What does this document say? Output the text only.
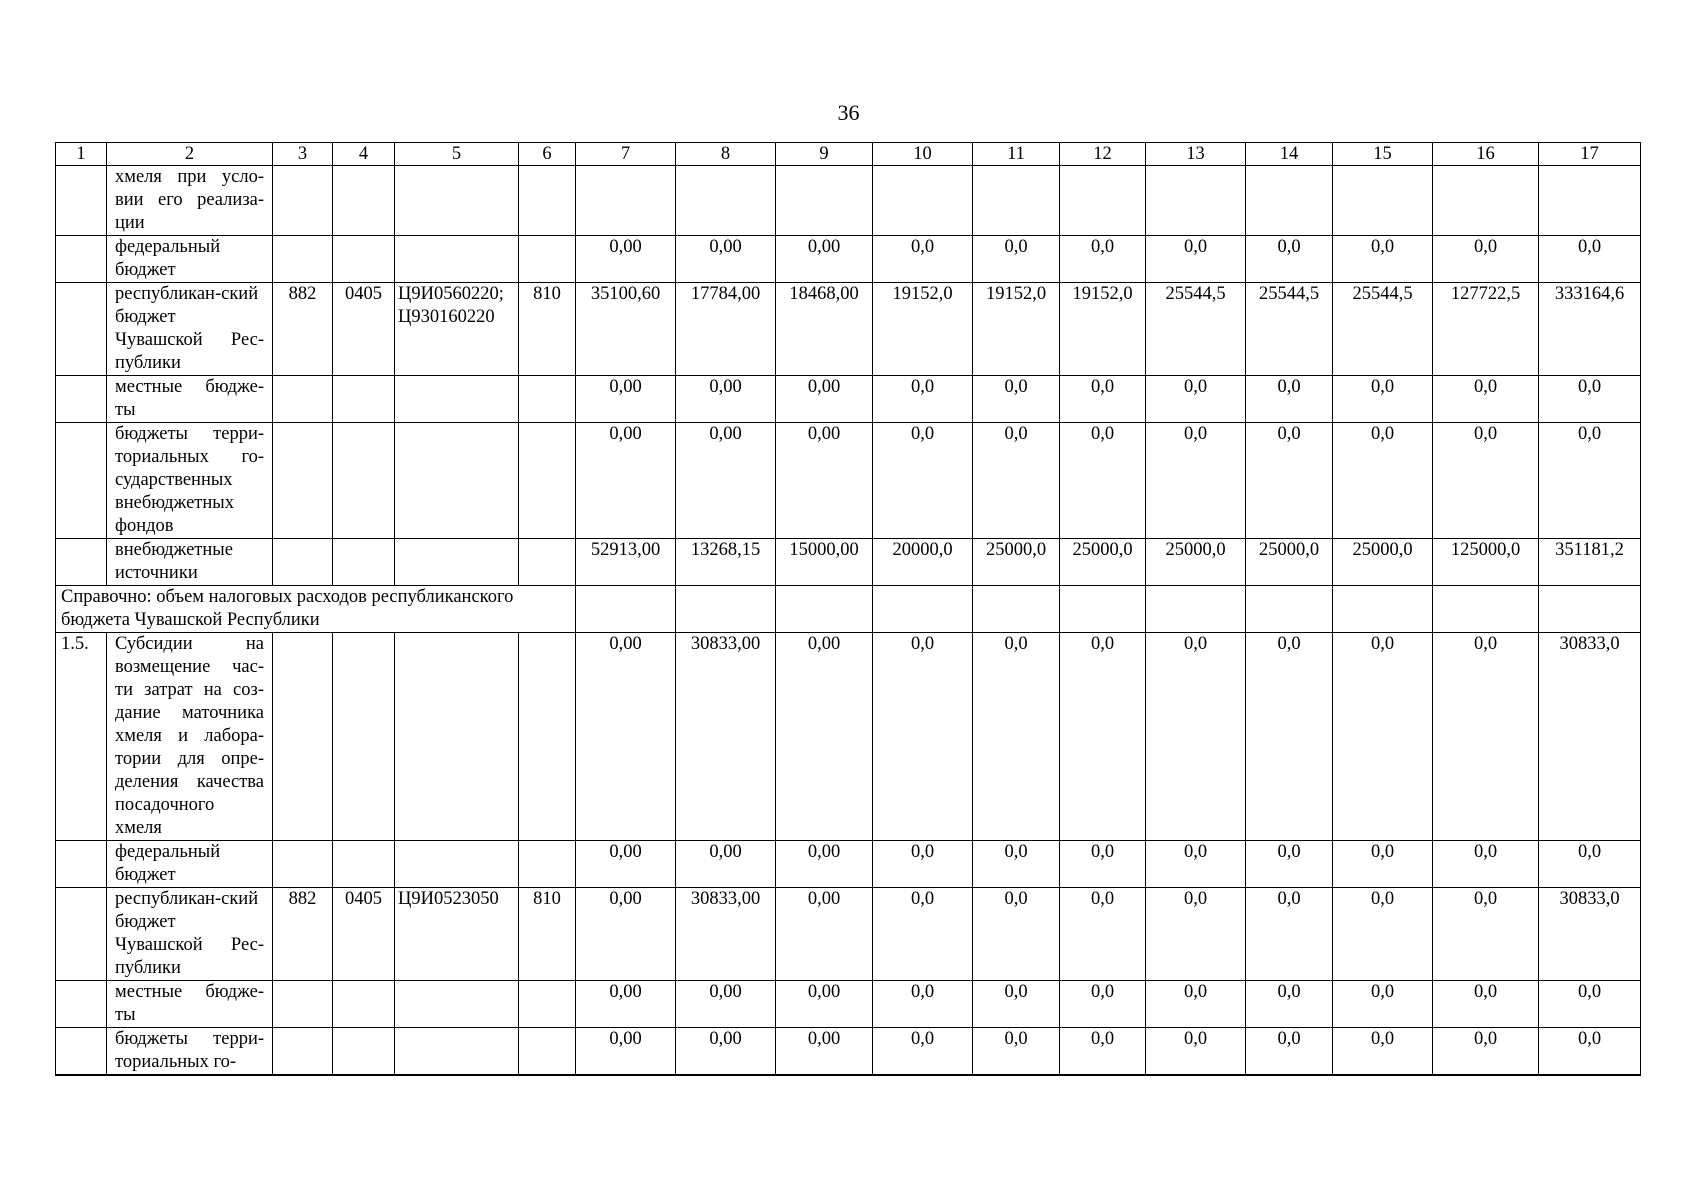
36
1	2	3	4	5	6	7	8	9	10	11	12	13	14	15	16	17
	хмеля при усло-вии его реализа-ции															
	федеральный бюджет					0,00	0,00	0,00	0,0	0,0	0,0	0,0	0,0	0,0	0,0	0,0
	республикан-ский бюджет Чувашской Рес-публики	882	0405	Ц9И0560220; Ц930160220	810	35100,60	17784,00	18468,00	19152,0	19152,0	19152,0	25544,5	25544,5	25544,5	127722,5	333164,6
	местные бюдже-ты					0,00	0,00	0,00	0,0	0,0	0,0	0,0	0,0	0,0	0,0	0,0
	бюджеты терри-ториальных го-сударственных внебюджетных фондов					0,00	0,00	0,00	0,0	0,0	0,0	0,0	0,0	0,0	0,0	0,0
	внебюджетные источники					52913,00	13268,15	15000,00	20000,0	25000,0	25000,0	25000,0	25000,0	25000,0	125000,0	351181,2
Справочно: объем налоговых расходов республиканского бюджета Чувашской Республики																
1.5.	Субсидии на возмещение час-ти затрат на соз-дание маточника хмеля и лабора-тории для опре-деления качества посадочного хмеля					0,00	30833,00	0,00	0,0	0,0	0,0	0,0	0,0	0,0	0,0	30833,0
	федеральный бюджет					0,00	0,00	0,00	0,0	0,0	0,0	0,0	0,0	0,0	0,0	0,0
	республикан-ский бюджет Чувашской Рес-публики	882	0405	Ц9И0523050	810	0,00	30833,00	0,00	0,0	0,0	0,0	0,0	0,0	0,0	0,0	30833,0
	местные бюдже-ты					0,00	0,00	0,00	0,0	0,0	0,0	0,0	0,0	0,0	0,0	0,0
	бюджеты терри-ториальных го-					0,00	0,00	0,00	0,0	0,0	0,0	0,0	0,0	0,0	0,0	0,0
